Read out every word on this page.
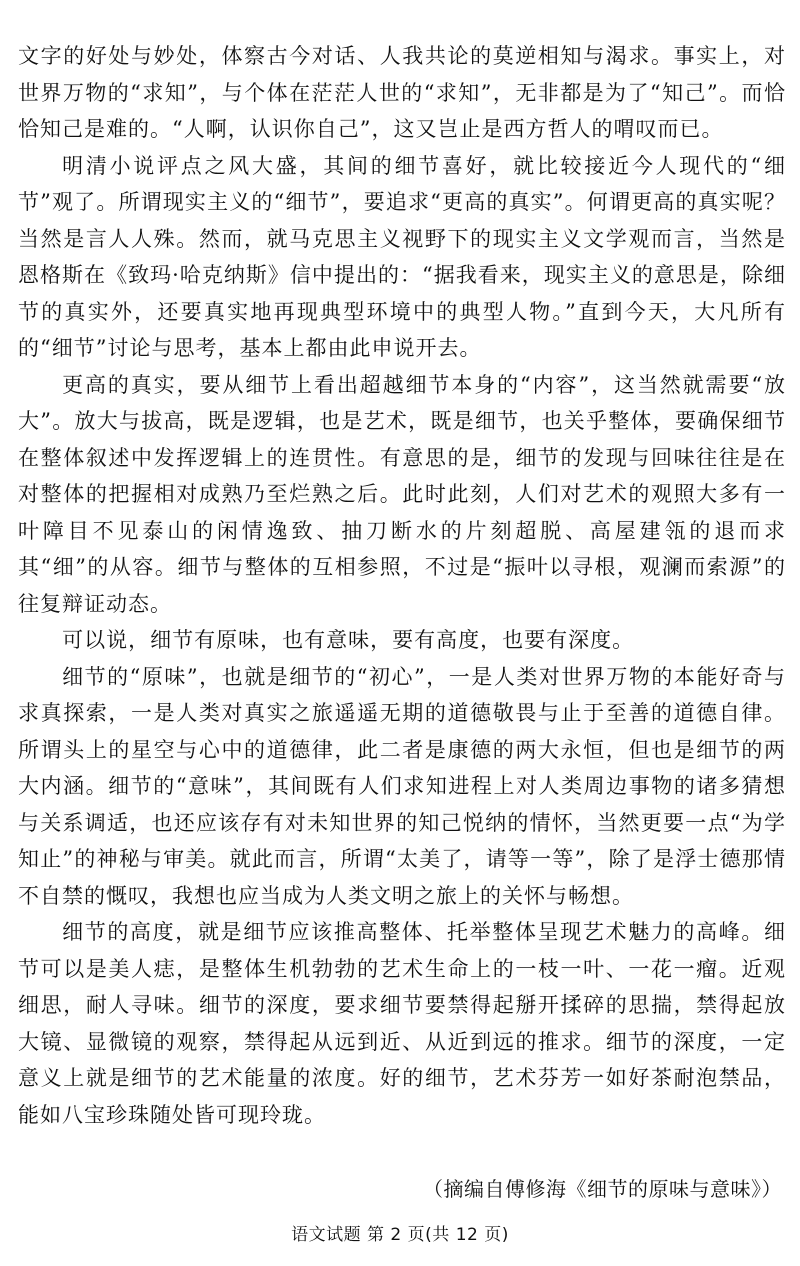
文字的好处与妙处，体察古今对话、人我共论的莫逆相知与渴求。事实上，对世界万物的“求知”，与个体在茫茫人世的“求知”，无非都是为了“知己”。而恰恰知己是难的。“人啊，认识你自己”，这又岂止是西方哲人的喟叹而已。

明清小说评点之风大盛，其间的细节喜好，就比较接近今人现代的“细节”观了。所谓现实主义的“细节”，要追求“更高的真实”。何谓更高的真实呢？当然是言人人殊。然而，就马克思主义视野下的现实主义文学观而言，当然是恩格斯在《致玛·哈克纳斯》信中提出的：“据我看来，现实主义的意思是，除细节的真实外，还要真实地再现典型环境中的典型人物。”直到今天，大凡所有的“细节”讨论与思考，基本上都由此申说开去。

更高的真实，要从细节上看出超越细节本身的“内容”，这当然就需要“放大”。放大与拔高，既是逻辑，也是艺术，既是细节，也关乎整体，要确保细节在整体叙述中发挥逻辑上的连贯性。有意思的是，细节的发现与回味往往是在对整体的把握相对成熟乃至烂熟之后。此时此刻，人们对艺术的观照大多有一叶障目不见泰山的闲情逸致、抽刀断水的片刻超脱、高屋建瓴的退而求其“细”的从容。细节与整体的互相参照，不过是“振叶以寻根，观澜而索源”的往复辩证动态。

可以说，细节有原味，也有意味，要有高度，也要有深度。

细节的“原味”，也就是细节的“初心”，一是人类对世界万物的本能好奇与求真探索，一是人类对真实之旅遥遥无期的道德敬畏与止于至善的道德自律。所谓头上的星空与心中的道德律，此二者是康德的两大永恒，但也是细节的两大内涵。细节的“意味”，其间既有人们求知进程上对人类周边事物的诸多猜想与关系调适，也还应该存有对未知世界的知己悦纳的情怀，当然更要一点“为学知止”的神秘与审美。就此而言，所谓“太美了，请等一等”，除了是浮士德那情不自禁的慨叹，我想也应当成为人类文明之旅上的关怀与畅想。

细节的高度，就是细节应该推高整体、托举整体呈现艺术魅力的高峰。细节可以是美人痣，是整体生机勃勃的艺术生命上的一枝一叶、一花一瘤。近观细思，耐人寻味。细节的深度，要求细节要禁得起掰开揉碎的思揣，禁得起放大镜、显微镜的观察，禁得起从远到近、从近到远的推求。细节的深度，一定意义上就是细节的艺术能量的浓度。好的细节，艺术芬芳一如好茶耐泡禁品，能如八宝珍珠随处皆可现玲珑。

（摘编自傅修海《细节的原味与意味》）
语文试题 第 2 页(共 12 页)
